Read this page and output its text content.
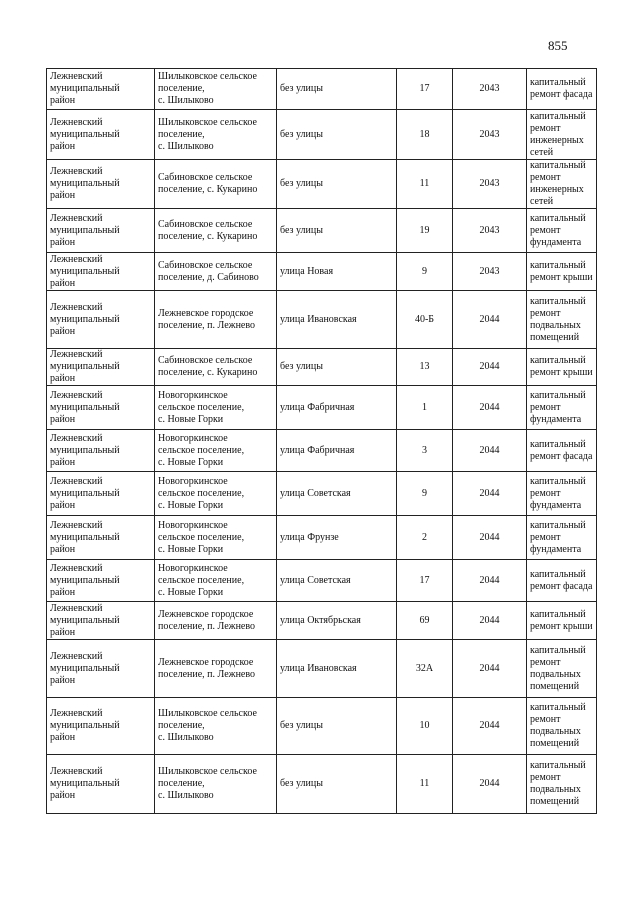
855
Лежневский
муниципальный
район	Шилыковское сельское
поселение,
с. Шилыково	без улицы	17	2043	капитальный
ремонт фасада

Лежневский
муниципальный
район	Шилыковское сельское
поселение,
с. Шилыково	без улицы	18	2043	капитальный
ремонт
инженерных
сетей

Лежневский
муниципальный
район	Сабиновское сельское
поселение, с. Кукарино	без улицы	11	2043	капитальный
ремонт
инженерных
сетей

Лежневский
муниципальный
район	Сабиновское сельское
поселение, с. Кукарино	без улицы	19	2043	капитальный
ремонт
фундамента

Лежневский
муниципальный
район	Сабиновское сельское
поселение, д. Сабиново	улица Новая	9	2043	капитальный
ремонт крыши

Лежневский
муниципальный
район	Лежневское городское
поселение, п. Лежнево	улица Ивановская	40-Б	2044	капитальный
ремонт
подвальных
помещений

Лежневский
муниципальный
район	Сабиновское сельское
поселение, с. Кукарино	без улицы	13	2044	капитальный
ремонт крыши

Лежневский
муниципальный
район	Новогоркинское
сельское поселение,
с. Новые Горки	улица Фабричная	1	2044	капитальный
ремонт
фундамента

Лежневский
муниципальный
район	Новогоркинское
сельское поселение,
с. Новые Горки	улица Фабричная	3	2044	капитальный
ремонт фасада

Лежневский
муниципальный
район	Новогоркинское
сельское поселение,
с. Новые Горки	улица Советская	9	2044	капитальный
ремонт
фундамента

Лежневский
муниципальный
район	Новогоркинское
сельское поселение,
с. Новые Горки	улица Фрунзе	2	2044	капитальный
ремонт
фундамента

Лежневский
муниципальный
район	Новогоркинское
сельское поселение,
с. Новые Горки	улица Советская	17	2044	капитальный
ремонт фасада

Лежневский
муниципальный
район	Лежневское городское
поселение, п. Лежнево	улица Октябрьская	69	2044	капитальный
ремонт крыши

Лежневский
муниципальный
район	Лежневское городское
поселение, п. Лежнево	улица Ивановская	32А	2044	капитальный
ремонт
подвальных
помещений

Лежневский
муниципальный
район	Шилыковское сельское
поселение,
с. Шилыково	без улицы	10	2044	капитальный
ремонт
подвальных
помещений

Лежневский
муниципальный
район	Шилыковское сельское
поселение,
с. Шилыково	без улицы	11	2044	капитальный
ремонт
подвальных
помещений
